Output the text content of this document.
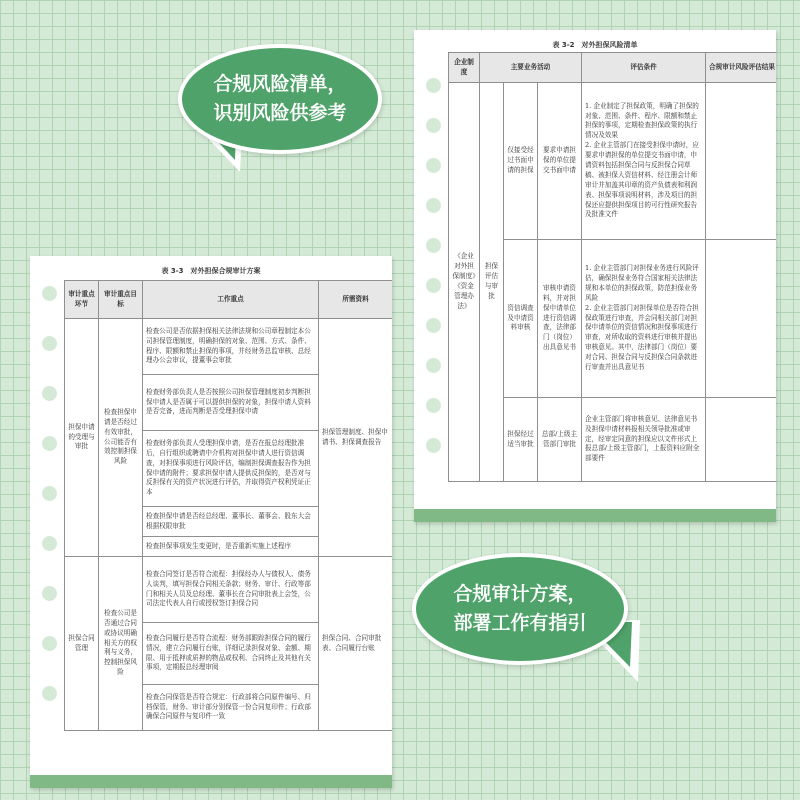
表 3-2　对外担保风险清单
企业制度	主要业务活动			评估条件	合规审计风险评估结果
《企业对外担保制度》《资金管理办法》	担保评估与审批	仅接受经过书面申请的担保	要求申请担保的单位提交书面申请	1. 企业制定了担保政策，明确了担保的对象、范围、条件、程序、限额和禁止担保的事项，定期检查担保政策的执行情况及效果
2. 企业主管部门在接受担保申请时，应要求申请担保的单位提交书面申请，申请资料包括担保合同与反担保合同草稿、被担保人资信材料、经注册会计师审计并加盖其印章的资产负债表和利润表、担保事项说明材料，涉及项目的担保还应提供担保项目的可行性研究报告及批准文件	
		资信调查及申请资料审核	审核申请资料，并对担保申请单位进行资信调查，法律部门（岗位）出具意见书	1. 企业主管部门对担保业务进行风险评估，确保担保业务符合国家相关法律法规和本单位的担保政策，防范担保业务风险
2. 企业主管部门对担保单位是否符合担保政策进行审查，并会同相关部门对担保申请单位的资信情况和担保事项进行审查，对所收取的资料进行审核并提出审核意见。其中，法律部门（岗位）要对合同、担保合同与反担保合同条款进行审查并出具意见书	
		担保经过适当审批	总部/上级主管部门审批	企业主管部门将审核意见、法律意见书及担保申请材料报相关领导批准或审定，经审定同意的担保应以文件形式上报总部/上级主管部门，上报资料应附全部要件	
表 3-3　对外担保合规审计方案
审计重点环节	审计重点目标	工作重点	所需资料
担保申请的受理与审批	检查担保申请是否经过有效审批，公司能否有效控制担保风险	检查公司是否依据担保相关法律法规和公司章程制定本公司担保管理制度，明确担保的对象、范围、方式、条件、程序、限额和禁止担保的事项，并经财务总监审核、总经理办公会审议，提董事会审批	担保管理制度、担保申请书、担保调查报告
		检查财务部负责人是否按照公司担保管理制度初步判断担保申请人是否属于可以提供担保的对象，担保申请人资料是否完备，进而判断是否受理担保申请	
		检查财务部负责人受理担保申请，是否在报总经理批准后，自行组织或聘请中介机构对担保申请人进行资信调查，对担保事项进行风险评估，编制担保调查报告作为担保申请的附件；要求担保申请人提供反担保的，是否对与反担保有关的资产状况进行评估，并取得资产权利凭证正本	
		检查担保申请是否经总经理、董事长、董事会、股东大会根据权限审批	
		检查担保事项发生变更时，是否重新实施上述程序	
担保合同管理	检查公司是否通过合同或协议明确相关方的权利与义务，控制担保风险	检查合同签订是否符合流程：担保经办人与债权人、债务人谈判，填写担保合同相关条款；财务、审计、行政等部门和相关人员及总经理、董事长在合同审批表上会签，公司法定代表人自行或授权签订担保合同	担保合同、合同审批表、合同履行台账
		检查合同履行是否符合流程：财务部跟踪担保合同的履行情况，建立合同履行台账，详细记录担保对象、金额、期限、用于抵押或质押的物品或权利、合同终止及其他有关事项，定期报总经理审阅	
		检查合同保管是否符合规定：行政部将合同原件编号、归档保管，财务、审计部分别保管一份合同复印件；行政部确保合同原件与复印件一致	
合规风险清单，
识别风险供参考
合规审计方案，
部署工作有指引
